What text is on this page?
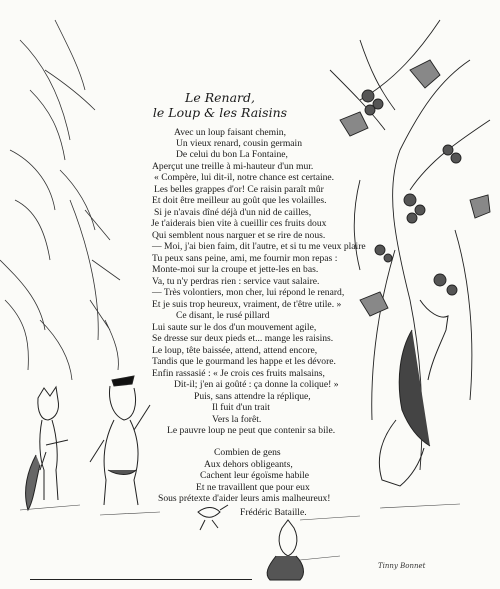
Le Renard,
le Loup & les Raisins
Avec un loup faisant chemin,
Un vieux renard, cousin germain
De celui du bon La Fontaine,
Aperçut une treille à mi-hauteur d'un mur.
« Compère, lui dit-il, notre chance est certaine.
Les belles grappes d'or! Ce raisin paraît mûr
Et doit être meilleur au goût que les volailles.
Si je n'avais dîné déjà d'un nid de cailles,
Je t'aiderais bien vite à cueillir ces fruits doux
Qui semblent nous narguer et se rire de nous.
— Moi, j'ai bien faim, dit l'autre, et si tu me veux plaire
Tu peux sans peine, ami, me fournir mon repas :
Monte-moi sur la croupe et jette-les en bas.
Va, tu n'y perdras rien : service vaut salaire.
— Très volontiers, mon cher, lui répond le renard,
Et je suis trop heureux, vraiment, de t'être utile. »
Ce disant, le rusé pillard
Lui saute sur le dos d'un mouvement agile,
Se dresse sur deux pieds et... mange les raisins.
Le loup, tête baissée, attend, attend encore,
Tandis que le gourmand les happe et les dévore.
Enfin rassasié : « Je crois ces fruits malsains,
Dit-il; j'en ai goûté : ça donne la colique! »
Puis, sans attendre la réplique,
Il fuit d'un trait
Vers la forêt.
Le pauvre loup ne peut que contenir sa bile.
Combien de gens
Aux dehors obligeants,
Cachent leur égoïsme habile
Et ne travaillent que pour eux
Sous prétexte d'aider leurs amis malheureux!
Frédéric Bataille.
Tinny Bonnet
